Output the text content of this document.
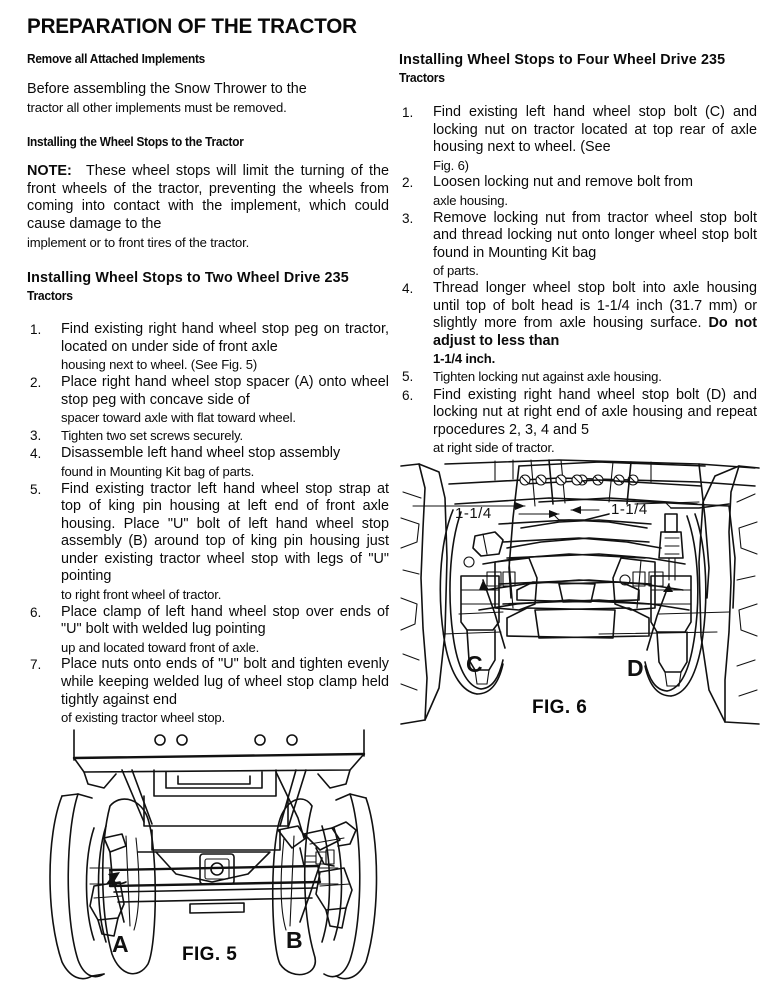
PREPARATION OF THE TRACTOR
Remove all Attached Implements
Before assembling the Snow Thrower to the
tractor all other implements must be removed.
Installing the Wheel Stops to the Tractor
NOTE: These wheel stops will limit the turning of the front wheels of the tractor, preventing the wheels from coming into contact with the implement, which could cause damage to the
implement or to front tires of the tractor.
Installing Wheel Stops to Two Wheel Drive 235
Tractors
1.	Find existing right hand wheel stop peg on tractor, located on under side of front axle
housing next to wheel. (See Fig. 5)
2.	Place right hand wheel stop spacer (A) onto wheel stop peg with concave side of
spacer toward axle with flat toward wheel.
3.	Tighten two set screws securely.
4.	Disassemble left hand wheel stop assembly
found in Mounting Kit bag of parts.
5.	Find existing tractor left hand wheel stop strap at top of king pin housing at left end of front axle housing. Place "U" bolt of left hand wheel stop assembly (B) around top of king pin housing just under existing tractor wheel stop with legs of "U" pointing
to right front wheel of tractor.
6.	Place clamp of left hand wheel stop over ends of "U" bolt with welded lug pointing
up and located toward front of axle.
7.	Place nuts onto ends of "U" bolt and tighten evenly while keeping welded lug of wheel stop clamp held tightly against end
of existing tractor wheel stop.
Installing Wheel Stops to Four Wheel Drive 235
Tractors
1.	Find existing left hand wheel stop bolt (C) and locking nut on tractor located at top rear of axle housing next to wheel. (See
Fig. 6)
2.	Loosen locking nut and remove bolt from
axle housing.
3.	Remove locking nut from tractor wheel stop bolt and thread locking nut onto longer wheel stop bolt found in Mounting Kit bag
of parts.
4.	Thread longer wheel stop bolt into axle housing until top of bolt head is 1-1/4 inch (31.7 mm) or slightly more from axle housing surface. Do not adjust to less than
1-1/4 inch.
5.	Tighten locking nut against axle housing.
6.	Find existing right hand wheel stop bolt (D) and locking nut at right end of axle housing and repeat rpocedures 2, 3, 4 and 5
at right side of tractor.
1-1/4
C
1-1/4
D
FIG. 6
A	B
FIG. 5
